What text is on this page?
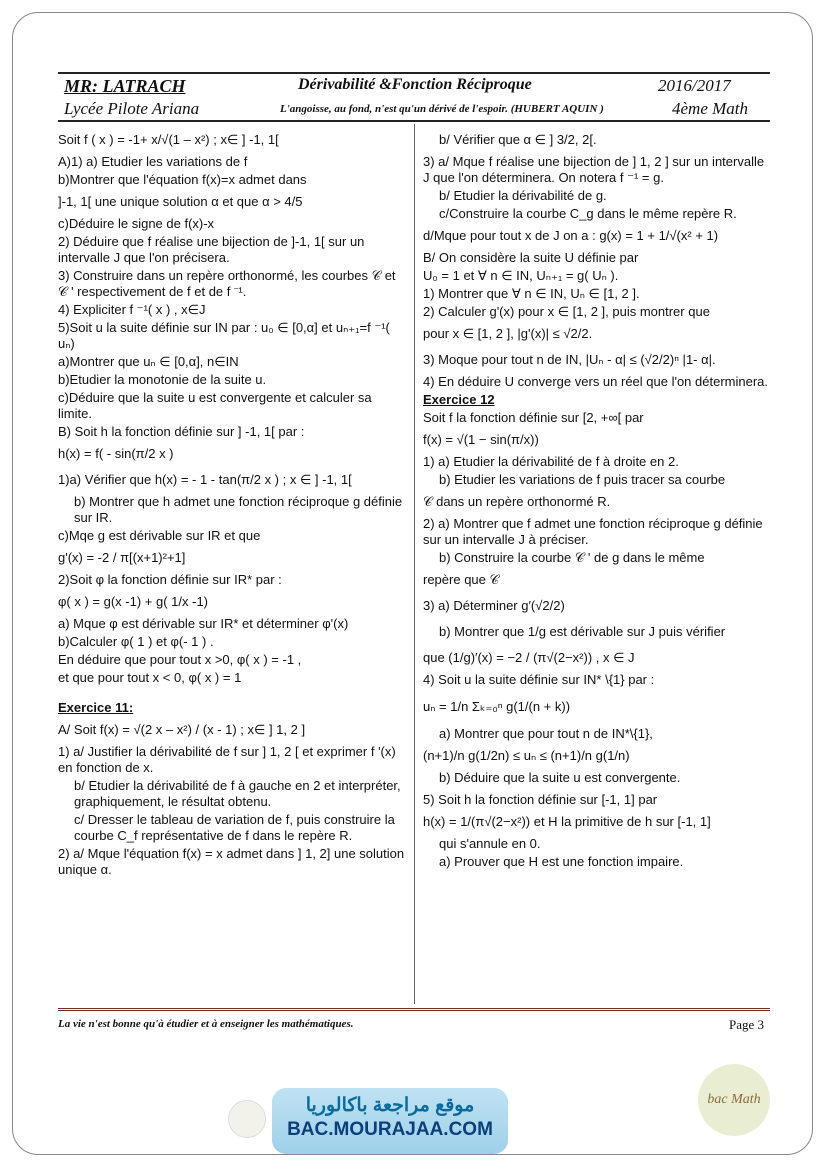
MR: LATRACH	Dérivabilité &Fonction Réciproque	2016/2017
Lycée Pilote Ariana	L'angoisse, au fond, n'est qu'un dérivé de l'espoir. (HUBERT AQUIN )	4ème Math

Soit f ( x ) = -1+ x/√(1 – x²) ; x∈ ] -1, 1[

A)1) a) Etudier les variations de f

b)Montrer que l'équation f(x)=x admet dans

]-1, 1[ une unique solution α et que α > 4/5

c)Déduire le signe de f(x)-x

2) Déduire que f réalise une bijection de ]-1, 1[ sur un intervalle J que l'on précisera.

3) Construire dans un repère orthonormé, les courbes 𝒞 et 𝒞 ' respectivement de f et de f ⁻¹.

4) Expliciter f ⁻¹( x ) , x∈J

5)Soit u la suite définie sur IN par : u₀ ∈ [0,α] et uₙ₊₁=f ⁻¹( uₙ)

a)Montrer que uₙ ∈ [0,α], n∈IN

b)Etudier la monotonie de la suite u.

c)Déduire que la suite u est convergente et calculer sa limite.

B) Soit h la fonction définie sur ] -1, 1[ par :

h(x) = f( - sin(π/2 x )

1)a) Vérifier que h(x) = - 1 - tan(π/2 x ) ; x ∈ ] -1, 1[

b) Montrer que h admet une fonction réciproque g définie sur IR.

c)Mqe g est dérivable sur IR et que

g'(x) = -2 / π[(x+1)²+1]

2)Soit φ la fonction définie sur IR* par :

φ( x ) = g(x -1) + g( 1/x -1)

a) Mque φ est dérivable sur IR* et déterminer φ'(x)

b)Calculer φ( 1 ) et φ(- 1 ) .

En déduire que pour tout x >0, φ( x ) = -1 ,

et que pour tout x < 0, φ( x ) = 1

Exercice 11:

A/ Soit f(x) = √(2 x – x²) / (x - 1) ; x∈ ] 1, 2 ]

1) a/ Justifier la dérivabilité de f sur ] 1, 2 [ et exprimer f '(x) en fonction de x.

b/ Etudier la dérivabilité de f à gauche en 2 et interpréter, graphiquement, le résultat obtenu.

c/ Dresser le tableau de variation de f, puis construire la courbe C_f représentative de f dans le repère R.

2) a/ Mque l'équation f(x) = x admet dans ] 1, 2] une solution unique α.

b/ Vérifier que α ∈ ] 3/2, 2[.

3) a/ Mque f réalise une bijection de ] 1, 2 ] sur un intervalle J que l'on déterminera. On notera f ⁻¹ = g.

b/ Etudier la dérivabilité de g.

c/Construire la courbe C_g dans le même repère R.

d/Mque pour tout x de J on a : g(x) = 1 + 1/√(x² + 1)

B/ On considère la suite U définie par

U₀ = 1 et ∀ n ∈ IN, Uₙ₊₁ = g( Uₙ ).

1) Montrer que ∀ n ∈ IN, Uₙ ∈ [1, 2 ].

2) Calculer g'(x) pour x ∈ [1, 2 ], puis montrer que

pour x ∈ [1, 2 ], |g'(x)| ≤ √2/2.

3) Moque pour tout n de IN, |Uₙ - α| ≤ (√2/2)ⁿ |1- α|.

4) En déduire U converge vers un réel que l'on déterminera.

Exercice 12

Soit f la fonction définie sur [2, +∞[ par

f(x) = √(1 − sin(π/x))

1) a) Etudier la dérivabilité de f à droite en 2.

b) Etudier les variations de f puis tracer sa courbe

𝒞 dans un repère orthonormé R.

2) a) Montrer que f admet une fonction réciproque g définie sur un intervalle J à préciser.

b) Construire la courbe 𝒞 ' de g dans le même

repère que 𝒞

3) a) Déterminer g′(√2/2)

b) Montrer que 1/g est dérivable sur J puis vérifier

que (1/g)′(x) = −2 / (π√(2−x²)) , x ∈ J

4) Soit u la suite définie sur IN* \{1} par :

uₙ = 1/n Σₖ₌₀ⁿ g(1/(n + k))

a) Montrer que pour tout n de IN*\{1},

(n+1)/n g(1/2n) ≤ uₙ ≤ (n+1)/n g(1/n)

b) Déduire que la suite u est convergente.

5) Soit h la fonction définie sur [-1, 1] par

h(x) = 1/(π√(2−x²)) et H la primitive de h sur [-1, 1]

qui s'annule en 0.

a) Prouver que H est une fonction impaire.

La vie n'est bonne qu'à étudier et à enseigner les mathématiques.	Page 3
موقع مراجعة باكالوريا
BAC.MOURAJAA.COM
bac Math
